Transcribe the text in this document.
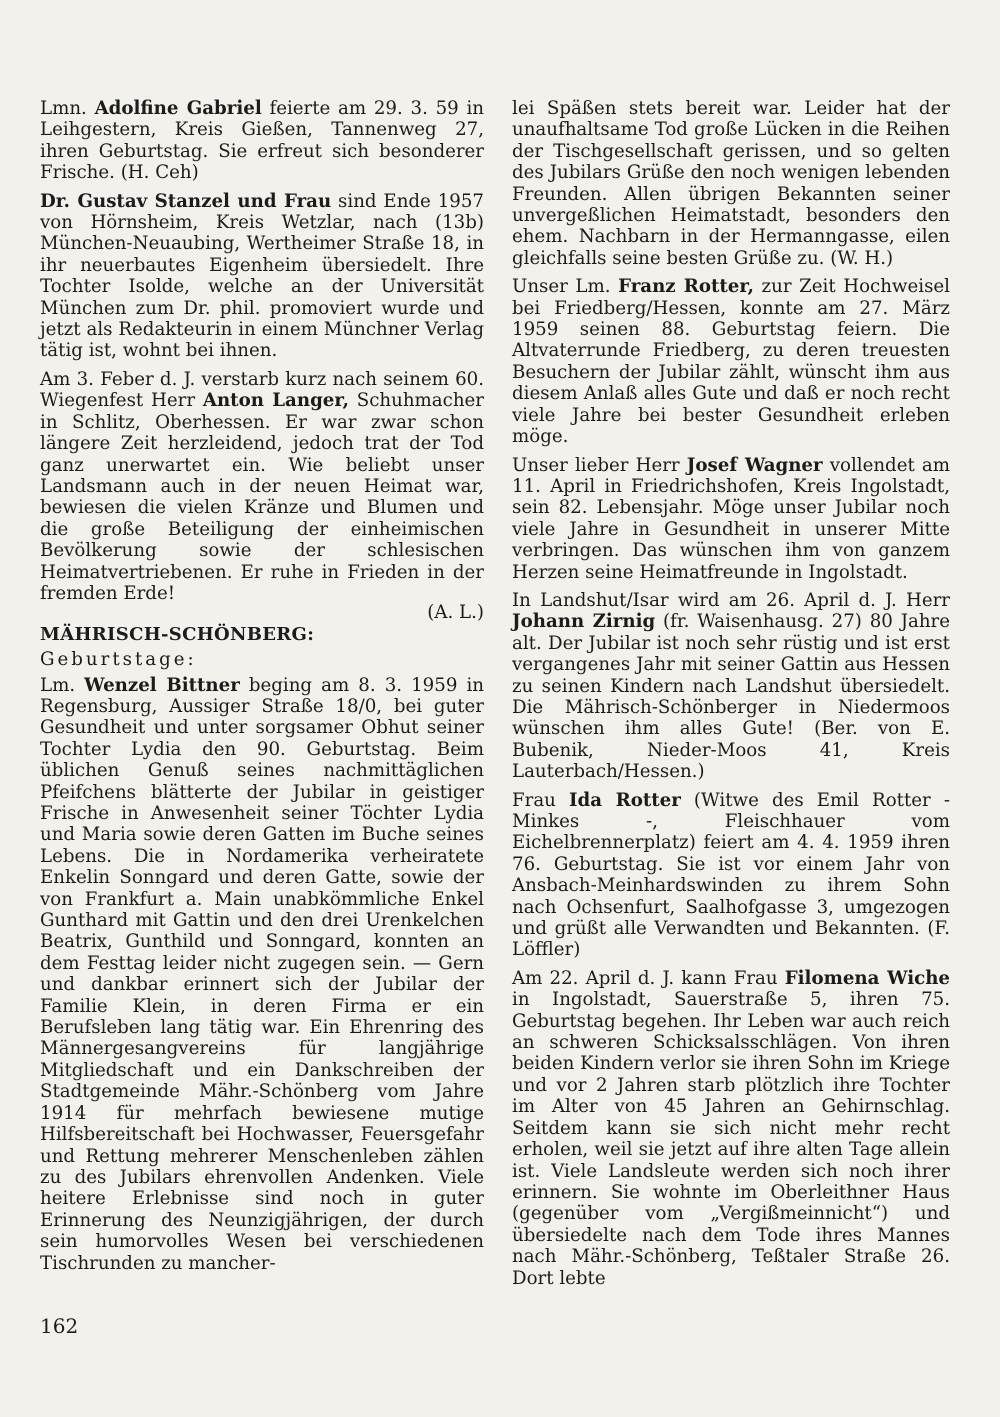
Lmn. Adolfine Gabriel feierte am 29. 3. 59 in Leihgestern, Kreis Gießen, Tannenweg 27, ihren Geburtstag. Sie erfreut sich besonderer Frische. (H. Ceh)

Dr. Gustav Stanzel und Frau sind Ende 1957 von Hörnsheim, Kreis Wetzlar, nach (13b) München-Neuaubing, Wertheimer Straße 18, in ihr neuerbautes Eigenheim übersiedelt. Ihre Tochter Isolde, welche an der Universität München zum Dr. phil. promoviert wurde und jetzt als Redakteurin in einem Münchner Verlag tätig ist, wohnt bei ihnen.

Am 3. Feber d. J. verstarb kurz nach seinem 60. Wiegenfest Herr Anton Langer, Schuhmacher in Schlitz, Oberhessen. Er war zwar schon längere Zeit herzleidend, jedoch trat der Tod ganz unerwartet ein. Wie beliebt unser Landsmann auch in der neuen Heimat war, bewiesen die vielen Kränze und Blumen und die große Beteiligung der einheimischen Bevölkerung sowie der schlesischen Heimatvertriebenen. Er ruhe in Frieden in der fremden Erde!

(A. L.)
MÄHRISCH-SCHÖNBERG:
Geburtstage:

Lm. Wenzel Bittner beging am 8. 3. 1959 in Regensburg, Aussiger Straße 18/0, bei guter Gesundheit und unter sorgsamer Obhut seiner Tochter Lydia den 90. Geburtstag. Beim üblichen Genuß seines nachmittäglichen Pfeifchens blätterte der Jubilar in geistiger Frische in Anwesenheit seiner Töchter Lydia und Maria sowie deren Gatten im Buche seines Lebens. Die in Nordamerika verheiratete Enkelin Sonngard und deren Gatte, sowie der von Frankfurt a. Main unabkömmliche Enkel Gunthard mit Gattin und den drei Urenkelchen Beatrix, Gunthild und Sonngard, konnten an dem Festtag leider nicht zugegen sein. — Gern und dankbar erinnert sich der Jubilar der Familie Klein, in deren Firma er ein Berufsleben lang tätig war. Ein Ehrenring des Männergesangvereins für langjährige Mitgliedschaft und ein Dankschreiben der Stadtgemeinde Mähr.-Schönberg vom Jahre 1914 für mehrfach bewiesene mutige Hilfsbereitschaft bei Hochwasser, Feuersgefahr und Rettung mehrerer Menschenleben zählen zu des Jubilars ehrenvollen Andenken. Viele heitere Erlebnisse sind noch in guter Erinnerung des Neunzigjährigen, der durch sein humorvolles Wesen bei verschiedenen Tischrunden zu mancher-

lei Späßen stets bereit war. Leider hat der unaufhaltsame Tod große Lücken in die Reihen der Tischgesellschaft gerissen, und so gelten des Jubilars Grüße den noch wenigen lebenden Freunden. Allen übrigen Bekannten seiner unvergeßlichen Heimatstadt, besonders den ehem. Nachbarn in der Hermanngasse, eilen gleichfalls seine besten Grüße zu. (W. H.)

Unser Lm. Franz Rotter, zur Zeit Hochweisel bei Friedberg/Hessen, konnte am 27. März 1959 seinen 88. Geburtstag feiern. Die Altvaterrunde Friedberg, zu deren treuesten Besuchern der Jubilar zählt, wünscht ihm aus diesem Anlaß alles Gute und daß er noch recht viele Jahre bei bester Gesundheit erleben möge.

Unser lieber Herr Josef Wagner vollendet am 11. April in Friedrichshofen, Kreis Ingolstadt, sein 82. Lebensjahr. Möge unser Jubilar noch viele Jahre in Gesundheit in unserer Mitte verbringen. Das wünschen ihm von ganzem Herzen seine Heimatfreunde in Ingolstadt.

In Landshut/Isar wird am 26. April d. J. Herr Johann Zirnig (fr. Waisenhausg. 27) 80 Jahre alt. Der Jubilar ist noch sehr rüstig und ist erst vergangenes Jahr mit seiner Gattin aus Hessen zu seinen Kindern nach Landshut übersiedelt. Die Mährisch-Schönberger in Niedermoos wünschen ihm alles Gute! (Ber. von E. Bubenik, Nieder-Moos 41, Kreis Lauterbach/Hessen.)

Frau Ida Rotter (Witwe des Emil Rotter - Minkes -, Fleischhauer vom Eichelbrennerplatz) feiert am 4. 4. 1959 ihren 76. Geburtstag. Sie ist vor einem Jahr von Ansbach-Meinhardswinden zu ihrem Sohn nach Ochsenfurt, Saalhofgasse 3, umgezogen und grüßt alle Verwandten und Bekannten. (F. Löffler)

Am 22. April d. J. kann Frau Filomena Wiche in Ingolstadt, Sauerstraße 5, ihren 75. Geburtstag begehen. Ihr Leben war auch reich an schweren Schicksalsschlägen. Von ihren beiden Kindern verlor sie ihren Sohn im Kriege und vor 2 Jahren starb plötzlich ihre Tochter im Alter von 45 Jahren an Gehirnschlag. Seitdem kann sie sich nicht mehr recht erholen, weil sie jetzt auf ihre alten Tage allein ist. Viele Landsleute werden sich noch ihrer erinnern. Sie wohnte im Oberleithner Haus (gegenüber vom „Vergißmeinnicht“) und übersiedelte nach dem Tode ihres Mannes nach Mähr.-Schönberg, Teßtaler Straße 26. Dort lebte

162
